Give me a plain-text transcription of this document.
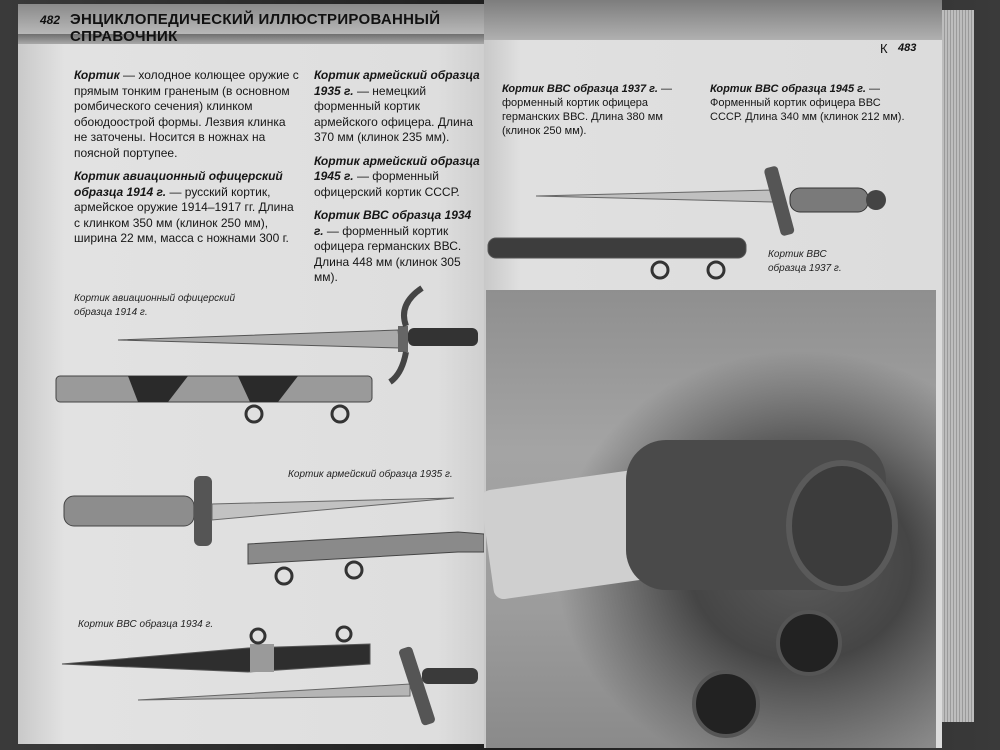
482 ЭНЦИКЛОПЕДИЧЕСКИЙ ИЛЛЮСТРИРОВАННЫЙ СПРАВОЧНИК

Кортик — холодное колющее оружие с прямым тонким граненым (в основном ромбического сечения) клинком обоюдоострой формы. Лезвия клинка не заточены. Носится в ножнах на поясной портупее.

Кортик авиационный офицерский образца 1914 г. — русский кортик, армейское оружие 1914–1917 гг. Длина с клинком 350 мм (клинок 250 мм), ширина 22 мм, масса с ножнами 300 г.

Кортик армейский образца 1935 г. — немецкий форменный кортик армейского офицера. Длина 370 мм (клинок 235 мм).

Кортик армейский образца 1945 г. — форменный офицерский кортик СССР.

Кортик ВВС образца 1934 г. — форменный кортик офицера германских ВВС. Длина 448 мм (клинок 305 мм).

Кортик авиационный офицерский образца 1914 г.
Кортик армейский образца 1935 г.
Кортик ВВС образца 1934 г.
К 483

Кортик ВВС образца 1937 г. — форменный кортик офицера германских ВВС. Длина 380 мм (клинок 250 мм).

Кортик ВВС образца 1945 г. — Форменный кортик офицера ВВС СССР. Длина 340 мм (клинок 212 мм).

Кортик ВВС образца 1937 г.
